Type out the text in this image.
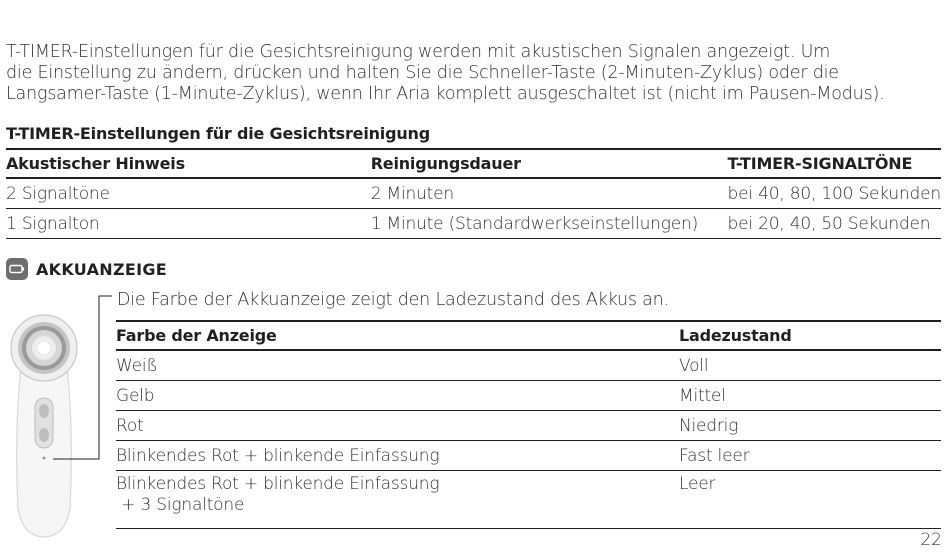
T-TIMER-Einstellungen für die Gesichtsreinigung werden mit akustischen Signalen angezeigt. Um
die Einstellung zu ändern, drücken und halten Sie die Schneller-Taste (2-Minuten-Zyklus) oder die
Langsamer-Taste (1-Minute-Zyklus), wenn Ihr Aria komplett ausgeschaltet ist (nicht im Pausen-Modus).
T-TIMER-Einstellungen für die Gesichtsreinigung
Akustischer Hinweis	Reinigungsdauer	T-TIMER-SIGNALTÖNE
2 Signaltöne	2 Minuten	bei 40, 80, 100 Sekunden
1 Signalton	1 Minute (Standardwerkseinstellungen)	bei 20, 40, 50 Sekunden
AKKUANZEIGE
Die Farbe der Akkuanzeige zeigt den Ladezustand des Akkus an.
Farbe der Anzeige	Ladezustand
Weiß	Voll
Gelb	Mittel
Rot	Niedrig
Blinkendes Rot + blinkende Einfassung	Fast leer
Blinkendes Rot + blinkende Einfassung
+ 3 Signaltöne	Leer
22
